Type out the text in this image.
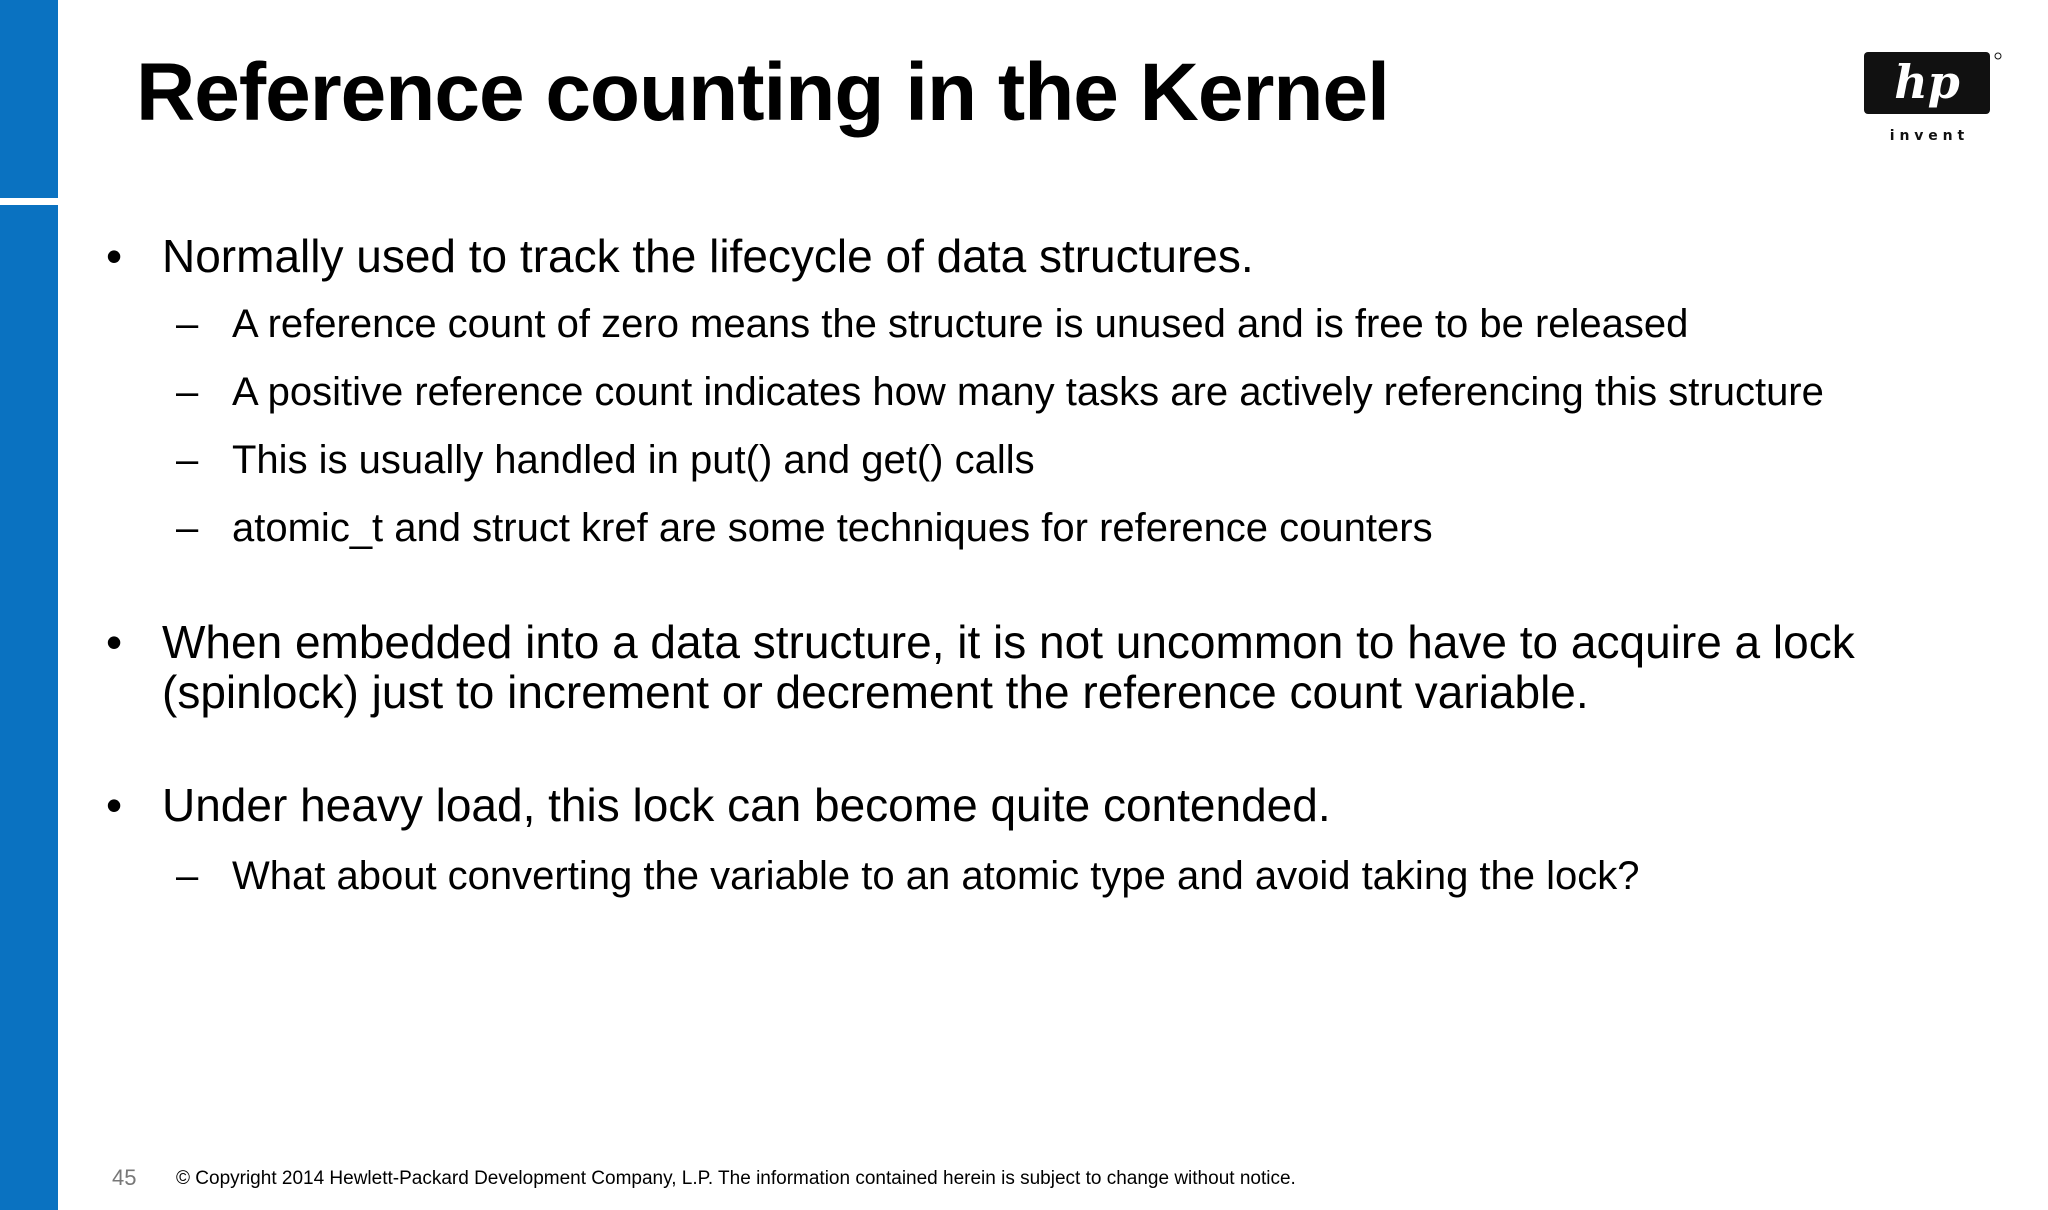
Reference counting in the Kernel	hp
i n v e n t
• Normally used to track the lifecycle of data structures.
– A reference count of zero means the structure is unused and is free to be released
– A positive reference count indicates how many tasks are actively referencing this structure
– This is usually handled in put() and get() calls
– atomic_t and struct kref are some techniques for reference counters
• When embedded into a data structure, it is not uncommon to have to acquire a lock
(spinlock) just to increment or decrement the reference count variable.
• Under heavy load, this lock can become quite contended.
– What about converting the variable to an atomic type and avoid taking the lock?
45 © Copyright 2014 Hewlett-Packard Development Company, L.P. The information contained herein is subject to change without notice.
